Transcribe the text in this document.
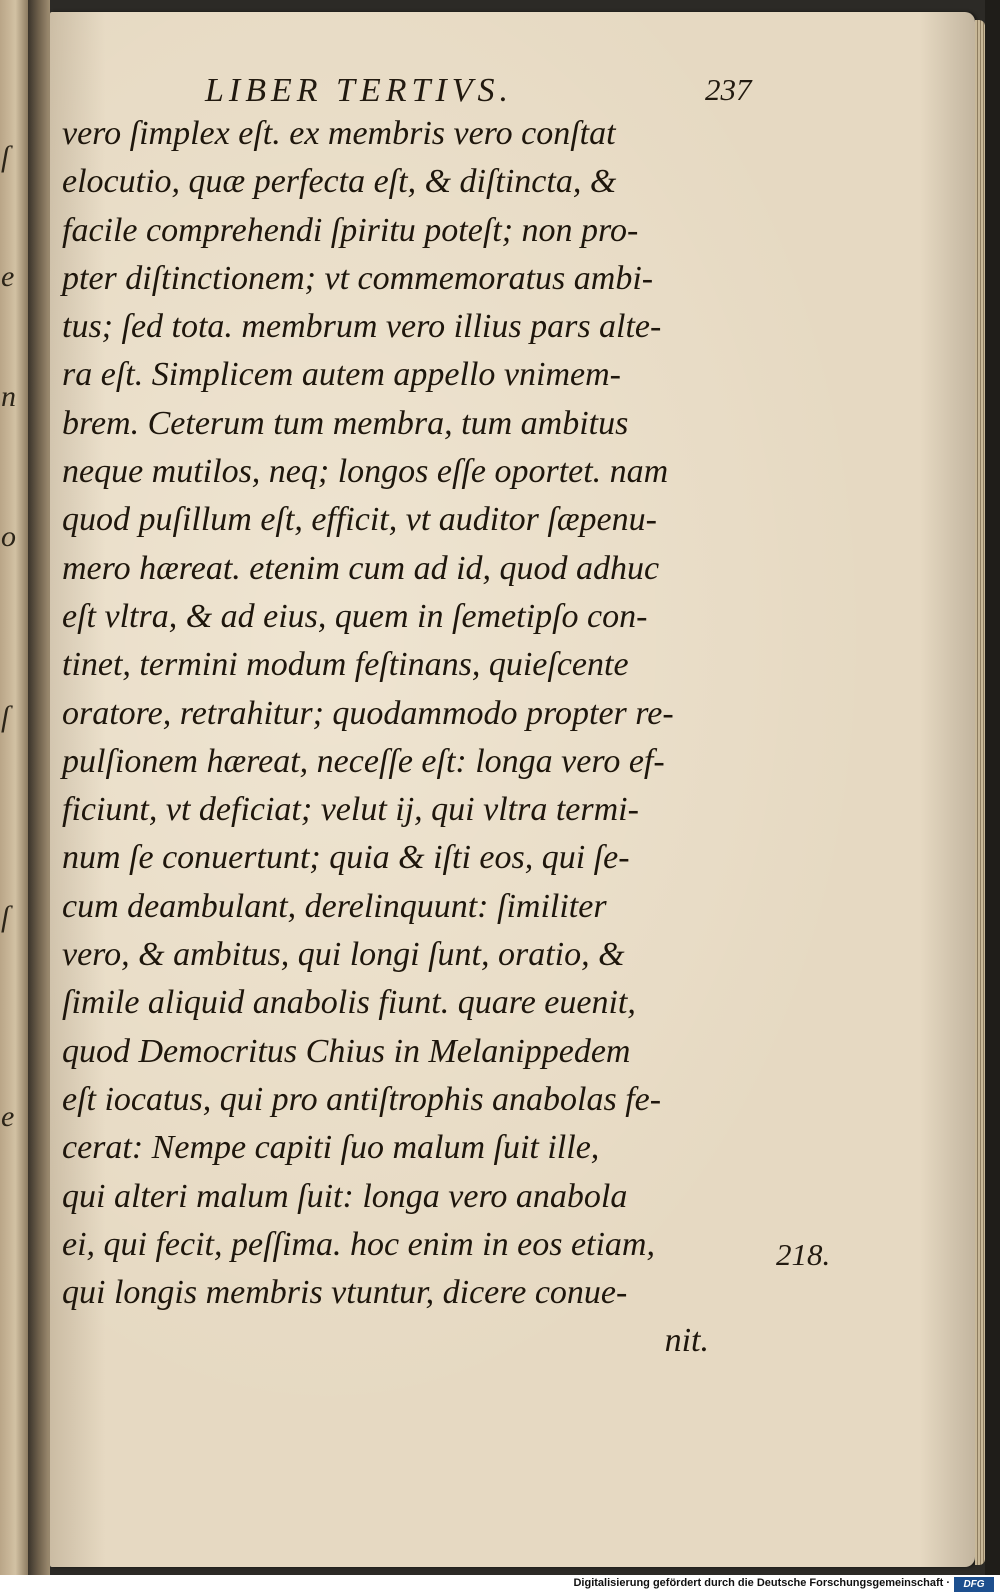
ſ
e
n
o
ſ
ſ
e
LIBER TERTIVS.	237
vero ſimplex eſt. ex membris vero conſtat
elocutio, quæ perfecta eſt, & diſtincta, &
facile comprehendi ſpiritu poteſt; non pro-
pter diſtinctionem; vt commemoratus ambi-
tus; ſed tota. membrum vero illius pars alte-
ra eſt. Simplicem autem appello vnimem-
brem. Ceterum tum membra, tum ambitus
neque mutilos, neq; longos eſſe oportet. nam
quod puſillum eſt, efficit, vt auditor ſæpenu-
mero hæreat. etenim cum ad id, quod adhuc
eſt vltra, & ad eius, quem in ſemetipſo con-
tinet, termini modum feſtinans, quieſcente
oratore, retrahitur; quodammodo propter re-
pulſionem hæreat, neceſſe eſt: longa vero ef-
ficiunt, vt deficiat; velut ij, qui vltra termi-
num ſe conuertunt; quia & iſti eos, qui ſe-
cum deambulant, derelinquunt: ſimiliter
vero, & ambitus, qui longi ſunt, oratio, &
ſimile aliquid anabolis fiunt. quare euenit,
quod Democritus Chius in Melanippedem
eſt iocatus, qui pro antiſtrophis anabolas fe-
cerat: Nempe capiti ſuo malum ſuit ille,
qui alteri malum ſuit: longa vero anabola
ei, qui fecit, peſſima. hoc enim in eos etiam,
qui longis membris vtuntur, dicere conue-
nit.
218.
Digitalisierung gefördert durch die Deutsche Forschungsgemeinschaft ·	DFG
